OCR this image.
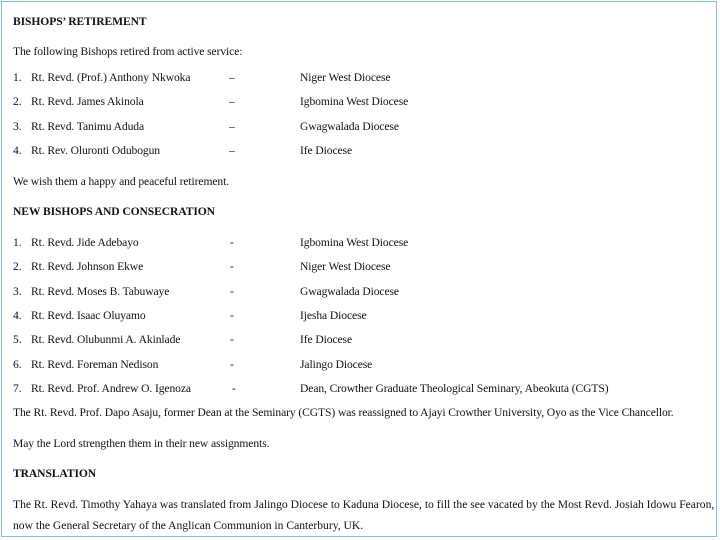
BISHOPS’ RETIREMENT
The following Bishops retired from active service:
1. Rt. Revd. (Prof.) Anthony Nkwoka	–	Niger West Diocese
2. Rt. Revd. James Akinola	–	Igbomina West Diocese
3. Rt. Revd. Tanimu Aduda	–	Gwagwalada Diocese
4. Rt. Rev. Oluronti Odubogun	–	Ife Diocese
We wish them a happy and peaceful retirement.
NEW BISHOPS AND CONSECRATION
1. Rt. Revd. Jide Adebayo	-	Igbomina West Diocese
2. Rt. Revd. Johnson Ekwe	-	Niger West Diocese
3. Rt. Revd. Moses B. Tabuwaye	-	Gwagwalada Diocese
4. Rt. Revd. Isaac Oluyamo	-	Ijesha Diocese
5. Rt. Revd. Olubunmi A. Akinlade	-	Ife Diocese
6. Rt. Revd. Foreman Nedison	-	Jalingo Diocese
7. Rt. Revd. Prof. Andrew O. Igenoza	-	Dean, Crowther Graduate Theological Seminary, Abeokuta (CGTS)
The Rt. Revd. Prof. Dapo Asaju, former Dean at the Seminary (CGTS) was reassigned to Ajayi Crowther University, Oyo as the Vice Chancellor.
May the Lord strengthen them in their new assignments.
TRANSLATION
The Rt. Revd. Timothy Yahaya was translated from Jalingo Diocese to Kaduna Diocese, to fill the see vacated by the Most Revd. Josiah Idowu Fearon, now the General Secretary of the Anglican Communion in Canterbury, UK.
